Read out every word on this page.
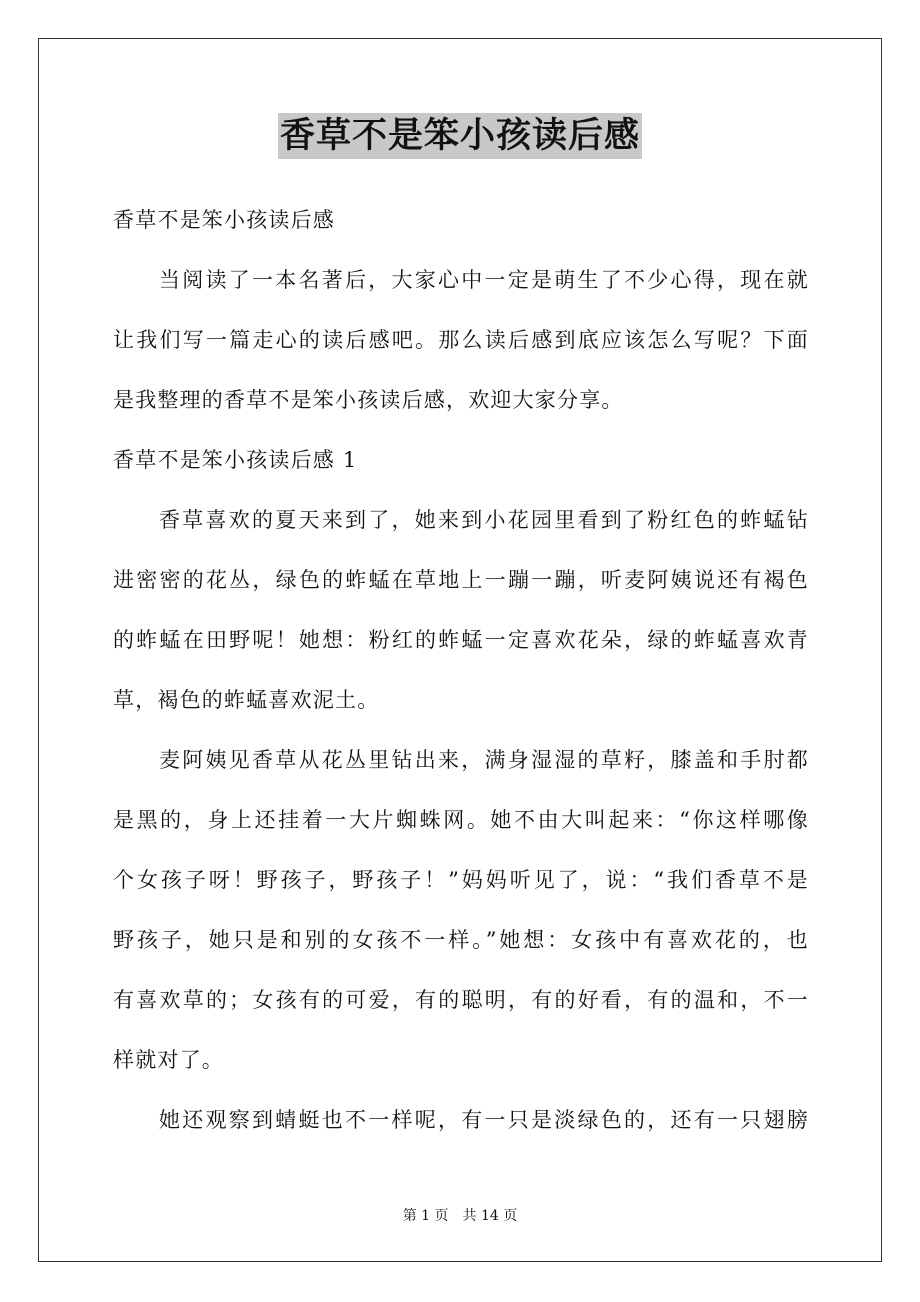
香草不是笨小孩读后感
香草不是笨小孩读后感
当阅读了一本名著后，大家心中一定是萌生了不少心得，现在就
让我们写一篇走心的读后感吧。那么读后感到底应该怎么写呢？下面
是我整理的香草不是笨小孩读后感，欢迎大家分享。
香草不是笨小孩读后感 1
香草喜欢的夏天来到了，她来到小花园里看到了粉红色的蚱蜢钻
进密密的花丛，绿色的蚱蜢在草地上一蹦一蹦，听麦阿姨说还有褐色
的蚱蜢在田野呢！她想：粉红的蚱蜢一定喜欢花朵，绿的蚱蜢喜欢青
草，褐色的蚱蜢喜欢泥土。
麦阿姨见香草从花丛里钻出来，满身湿湿的草籽，膝盖和手肘都
是黑的，身上还挂着一大片蜘蛛网。她不由大叫起来：“你这样哪像
个女孩子呀！野孩子，野孩子！”妈妈听见了，说：“我们香草不是
野孩子，她只是和别的女孩不一样。”她想：女孩中有喜欢花的，也
有喜欢草的；女孩有的可爱，有的聪明，有的好看，有的温和，不一
样就对了。
她还观察到蜻蜓也不一样呢，有一只是淡绿色的，还有一只翅膀
第 1 页 共 14 页
